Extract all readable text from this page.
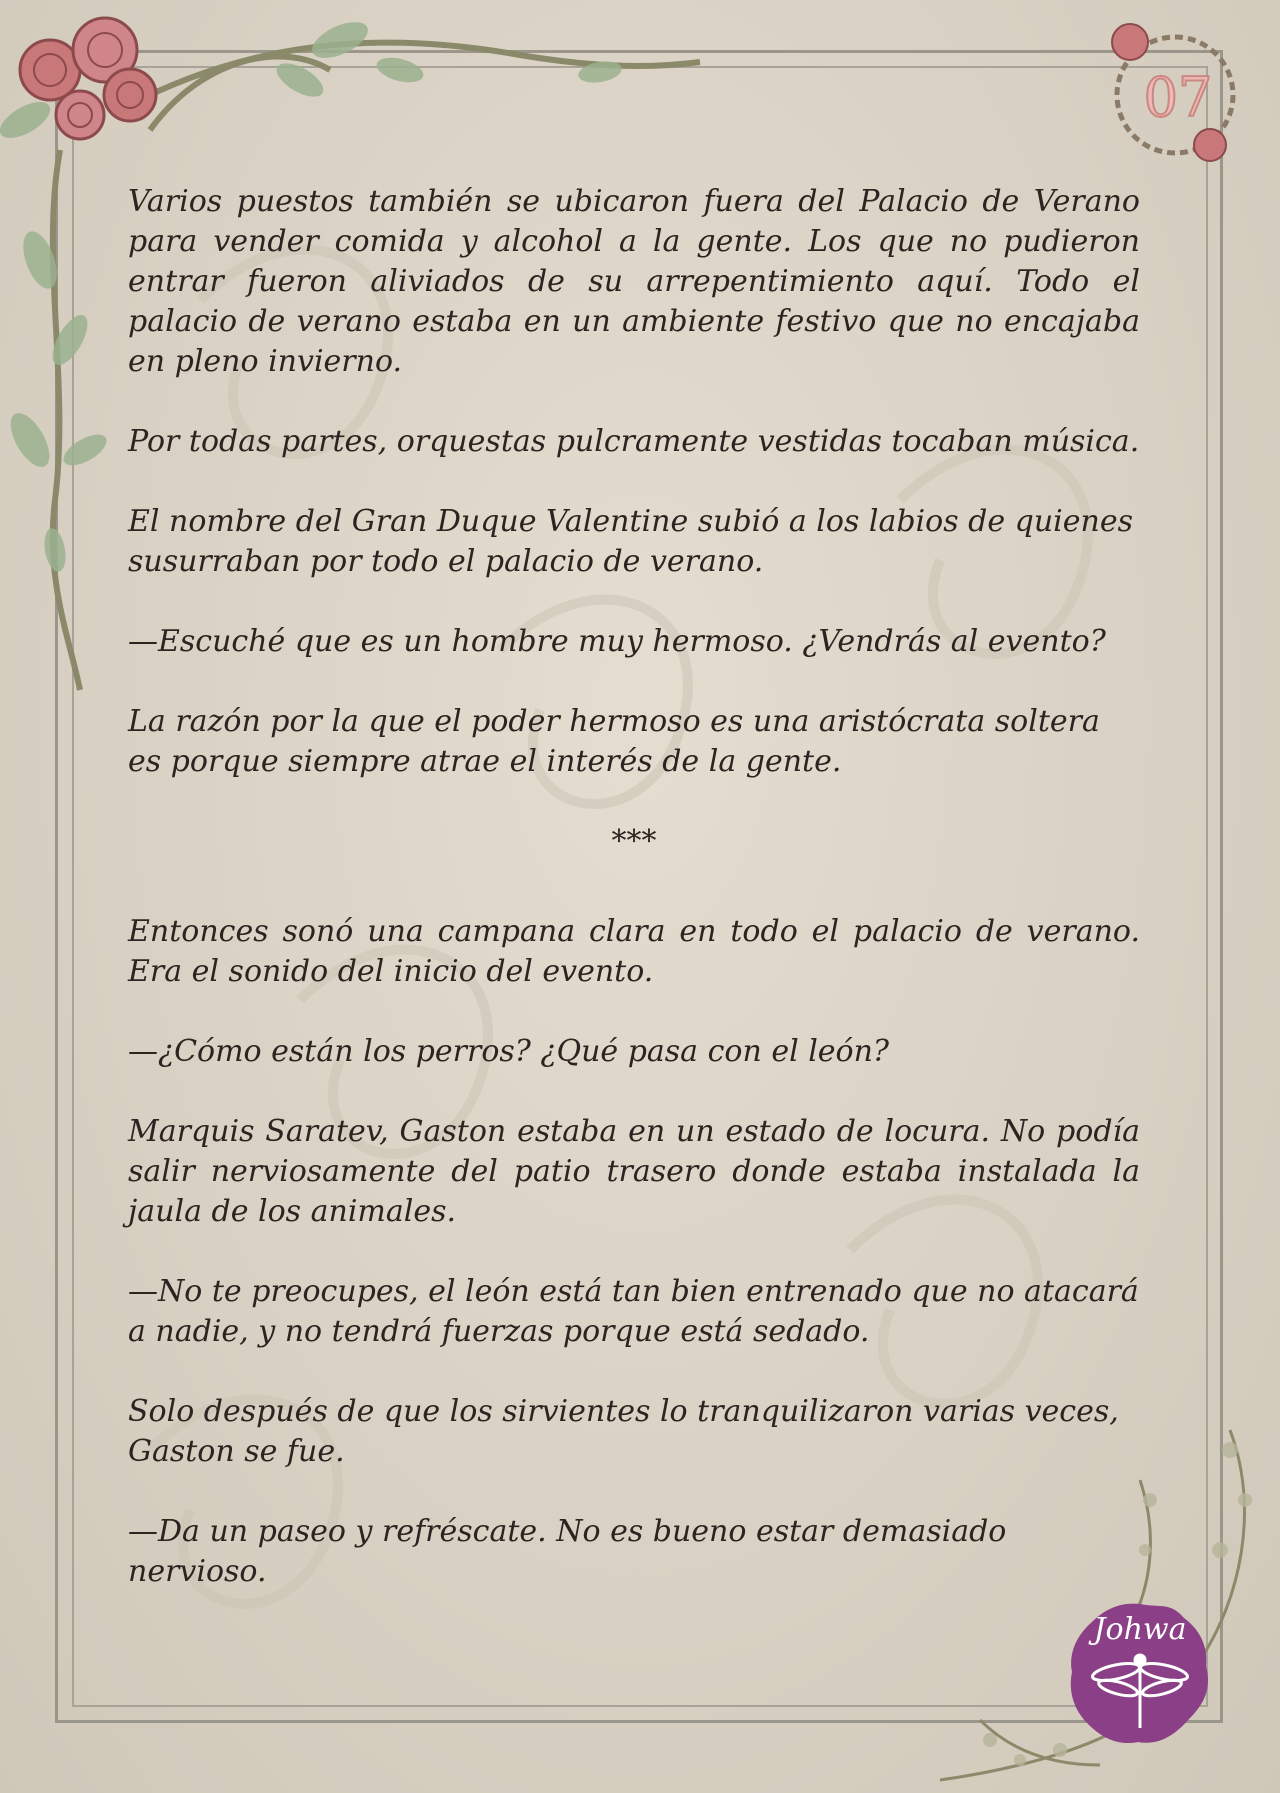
07
Johwa

Varios puestos también se ubicaron fuera del Palacio de Verano para vender comida y alcohol a la gente. Los que no pudieron entrar fueron aliviados de su arrepentimiento aquí. Todo el palacio de verano estaba en un ambiente festivo que no encajaba en pleno invierno.

Por todas partes, orquestas pulcramente vestidas tocaban música.

El nombre del Gran Duque Valentine subió a los labios de quienes susurraban por todo el palacio de verano.

—Escuché que es un hombre muy hermoso. ¿Vendrás al evento?

La razón por la que el poder hermoso es una aristócrata soltera es porque siempre atrae el interés de la gente.

***

Entonces sonó una campana clara en todo el palacio de verano. Era el sonido del inicio del evento.

—¿Cómo están los perros? ¿Qué pasa con el león?

Marquis Saratev, Gaston estaba en un estado de locura. No podía salir nerviosamente del patio trasero donde estaba instalada la jaula de los animales.

—No te preocupes, el león está tan bien entrenado que no atacará a nadie, y no tendrá fuerzas porque está sedado.

Solo después de que los sirvientes lo tranquilizaron varias veces, Gaston se fue.

—Da un paseo y refréscate. No es bueno estar demasiado nervioso.
